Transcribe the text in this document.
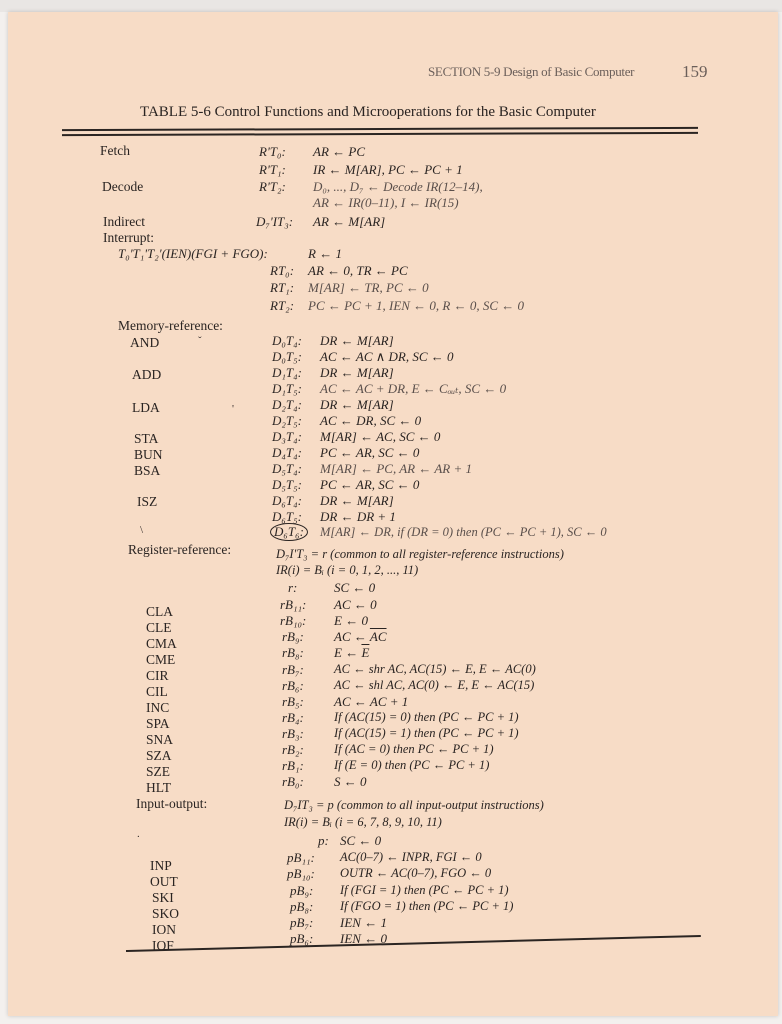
SECTION 5-9 Design of Basic Computer	159
TABLE 5-6 Control Functions and Microoperations for the Basic Computer
Fetch
Decode
Indirect
Interrupt:
Memory-reference:
AND
ADD
LDA
STA
BUN
BSA
ISZ
Register-reference:
CLA
CLE
CMA
CME
CIR
CIL
INC
SPA
SNA
SZA
SZE
HLT
Input-output:
INP
OUT
SKI
SKO
ION
IOF
R'T₀:
R'T₁:
R'T₂:
D₇'IT₃:
T₀'T₁'T₂'(IEN)(FGI + FGO):
RT₀:
RT₁:
RT₂:
D₀T₄:
D₀T₅:
D₁T₄:
D₁T₅:
D₂T₄:
D₂T₅:
D₃T₄:
D₄T₄:
D₅T₄:
D₅T₅:
D₆T₄:
D₆T₅:
D₆T₆:
r:
rB₁₁:
rB₁₀:
rB₉:
rB₈:
rB₇:
rB₆:
rB₅:
rB₄:
rB₃:
rB₂:
rB₁:
rB₀:
p:
pB₁₁:
pB₁₀:
pB₉:
pB₈:
pB₇:
pB₆:
AR ← PC
IR ← M[AR], PC ← PC + 1
D₀, ..., D₇ ← Decode IR(12–14),
AR ← IR(0–11), I ← IR(15)
AR ← M[AR]
R ← 1
AR ← 0, TR ← PC
M[AR] ← TR, PC ← 0
PC ← PC + 1, IEN ← 0, R ← 0, SC ← 0
DR ← M[AR]
AC ← AC ∧ DR, SC ← 0
DR ← M[AR]
AC ← AC + DR, E ← Cₒᵤₜ, SC ← 0
DR ← M[AR]
AC ← DR, SC ← 0
M[AR] ← AC, SC ← 0
PC ← AR, SC ← 0
M[AR] ← PC, AR ← AR + 1
PC ← AR, SC ← 0
DR ← M[AR]
DR ← DR + 1
M[AR] ← DR, if (DR = 0) then (PC ← PC + 1), SC ← 0
D₇I'T₃ = r (common to all register-reference instructions)
IR(i) = Bᵢ (i = 0, 1, 2, ..., 11)
SC ← 0
AC ← 0
E ← 0
AC ← $\overline{AC}$
E ← $\overline{E}$
AC ← shr AC, AC(15) ← E, E ← AC(0)
AC ← shl AC, AC(0) ← E, E ← AC(15)
AC ← AC + 1
If (AC(15) = 0) then (PC ← PC + 1)
If (AC(15) = 1) then (PC ← PC + 1)
If (AC = 0) then PC ← PC + 1)
If (E = 0) then (PC ← PC + 1)
S ← 0
D₇IT₃ = p (common to all input-output instructions)
IR(i) = Bᵢ (i = 6, 7, 8, 9, 10, 11)
SC ← 0
AC(0–7) ← INPR, FGI ← 0
OUTR ← AC(0–7), FGO ← 0
If (FGI = 1) then (PC ← PC + 1)
If (FGO = 1) then (PC ← PC + 1)
IEN ← 1
IEN ← 0
ˇ
'
\
.
